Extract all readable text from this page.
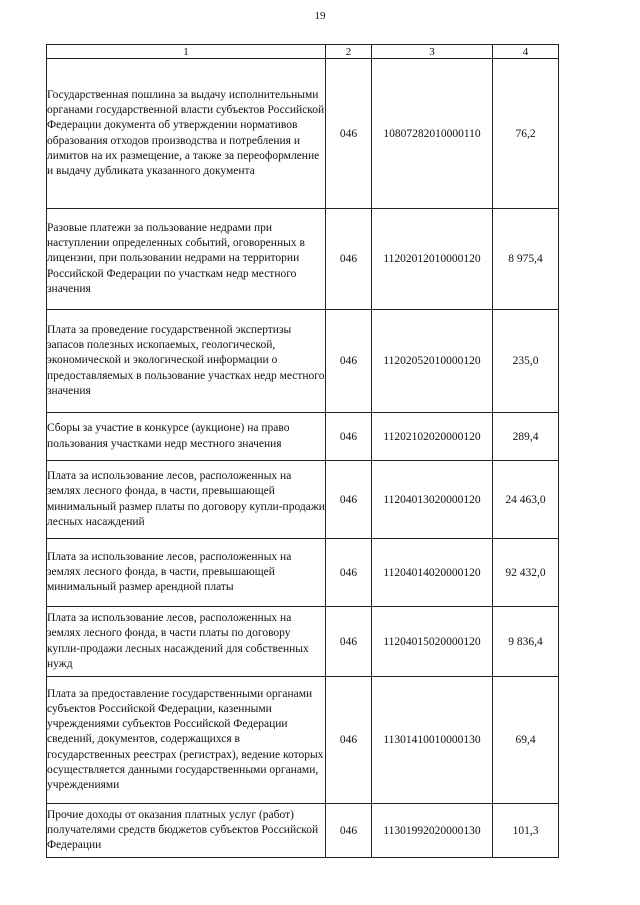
19
1	2	3	4
Государственная пошлина за выдачу исполнительными органами государственной власти субъектов Российской Федерации документа об утверждении нормативов образования отходов производства и потребления и лимитов на их размещение, а также за переоформление и выдачу дубликата указанного документа	046	10807282010000110	76,2
Разовые платежи за пользование недрами при наступлении определенных событий, оговоренных в лицензии, при пользовании недрами на территории Российской Федерации по участкам недр местного значения	046	11202012010000120	8 975,4
Плата за проведение государственной экспертизы запасов полезных ископаемых, геологической, экономической и экологической информации о предоставляемых в пользование участках недр местного значения	046	11202052010000120	235,0
Сборы за участие в конкурсе (аукционе) на право пользования участками недр местного значения	046	11202102020000120	289,4
Плата за использование лесов, расположенных на землях лесного фонда, в части, превышающей минимальный размер платы по договору купли-продажи лесных насаждений	046	11204013020000120	24 463,0
Плата за использование лесов, расположенных на землях лесного фонда, в части, превышающей минимальный размер арендной платы	046	11204014020000120	92 432,0
Плата за использование лесов, расположенных на землях лесного фонда, в части платы по договору купли-продажи лесных насаждений для собственных нужд	046	11204015020000120	9 836,4
Плата за предоставление государственными органами субъектов Российской Федерации, казенными учреждениями субъектов Российской Федерации сведений, документов, содержащихся в государственных реестрах (регистрах), ведение которых осуществляется данными государственными органами, учреждениями	046	11301410010000130	69,4
Прочие доходы от оказания платных услуг (работ) получателями средств бюджетов субъектов Российской Федерации	046	11301992020000130	101,3
